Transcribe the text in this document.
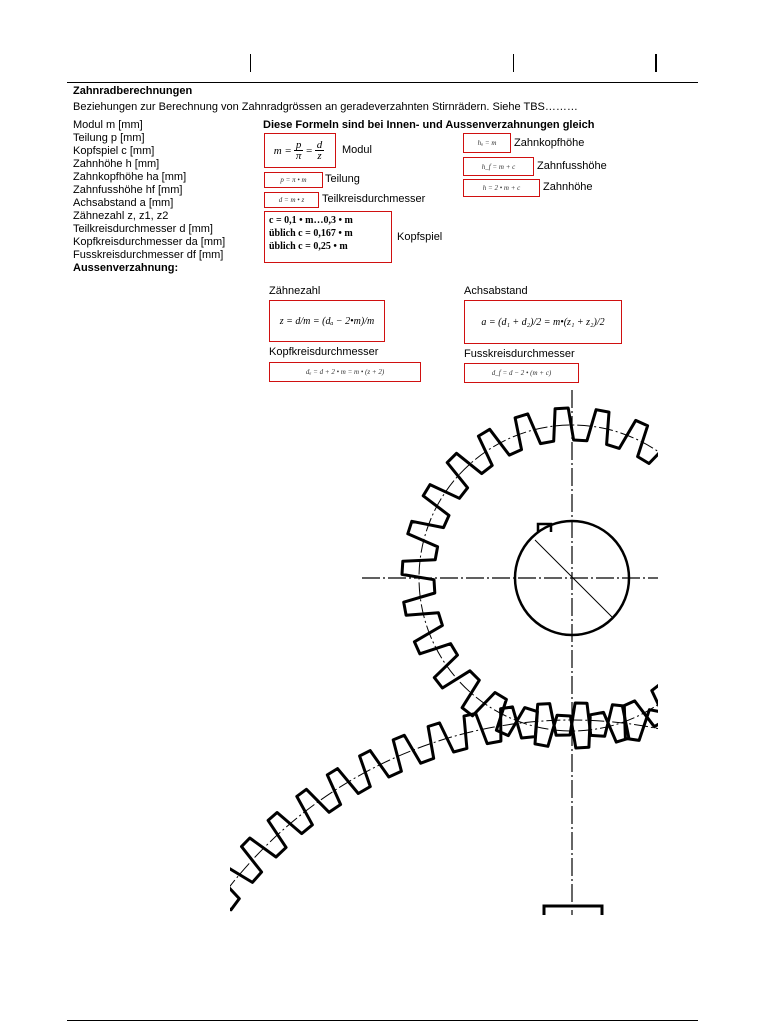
Zahnradberechnungen
Beziehungen zur Berechnung von Zahnradgrössen an geradeverzahnten Stirnrädern. Siehe TBS………
Modul m [mm]
Teilung p [mm]
Kopfspiel c [mm]
Zahnhöhe h [mm]
Zahnkopfhöhe ha [mm]
Zahnfusshöhe hf [mm]
Achsabstand a [mm]
Zähnezahl z, z1, z2
Teilkreisdurchmesser d [mm]
Kopfkreisdurchmesser da [mm]
Fusskreisdurchmesser df [mm]
Aussenverzahnung:
Diese Formeln sind bei Innen- und Aussenverzahnungen gleich
$m = \frac{p}{\pi} = \frac{d}{z}$ Modul
p = π • m	Teilung
d = m • z	Teilkreisdurchmesser
c = 0,1 • m…0,3 • m
üblich c = 0,167 • m
üblich c = 0,25 • m
Kopfspiel
hₐ = m	Zahnkopfhöhe
h_f = m + c	Zahnfusshöhe
h = 2 • m + c	Zahnhöhe
Zähnezahl
z = d/m = (dₐ − 2•m)/m
Achsabstand
a = (d₁ + d₂)/2 = m•(z₁ + z₂)/2
Kopfkreisdurchmesser
dₐ = d + 2 • m = m • (z + 2)
Fusskreisdurchmesser
d_f = d − 2 • (m + c)
